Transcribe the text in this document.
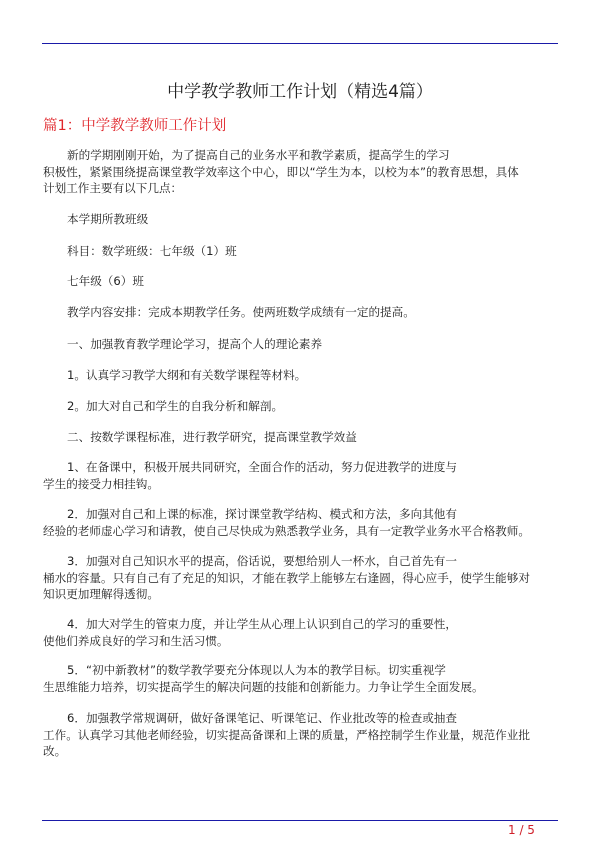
中学教学教师工作计划（精选4篇）
篇1：中学教学教师工作计划
新的学期刚刚开始，为了提高自己的业务水平和教学素质，提高学生的学习
积极性，紧紧围绕提高课堂教学效率这个中心，即以“学生为本，以校为本”的教育思想，具体
计划工作主要有以下几点：
本学期所教班级
科目：数学班级：七年级（1）班
七年级（6）班
教学内容安排：完成本期教学任务。使两班数学成绩有一定的提高。
一、加强教育教学理论学习，提高个人的理论素养
1。认真学习教学大纲和有关数学课程等材料。
2。加大对自己和学生的自我分析和解剖。
二、按数学课程标准，进行教学研究，提高课堂教学效益
1、在备课中，积极开展共同研究，全面合作的活动，努力促进教学的进度与
学生的接受力相挂钩。
2．加强对自己和上课的标准，探讨课堂教学结构、模式和方法，多向其他有
经验的老师虚心学习和请教，使自己尽快成为熟悉教学业务，具有一定教学业务水平合格教师。
3．加强对自己知识水平的提高，俗话说，要想给别人一杯水，自己首先有一
桶水的容量。只有自己有了充足的知识，才能在教学上能够左右逢圆，得心应手，使学生能够对
知识更加理解得透彻。
4．加大对学生的管束力度，并让学生从心理上认识到自己的学习的重要性，
使他们养成良好的学习和生活习惯。
5．“初中新教材”的数学教学要充分体现以人为本的教学目标。切实重视学
生思维能力培养，切实提高学生的解决问题的技能和创新能力。力争让学生全面发展。
6．加强教学常规调研，做好备课笔记、听课笔记、作业批改等的检查或抽查
工作。认真学习其他老师经验，切实提高备课和上课的质量，严格控制学生作业量，规范作业批
改。
1 / 5
